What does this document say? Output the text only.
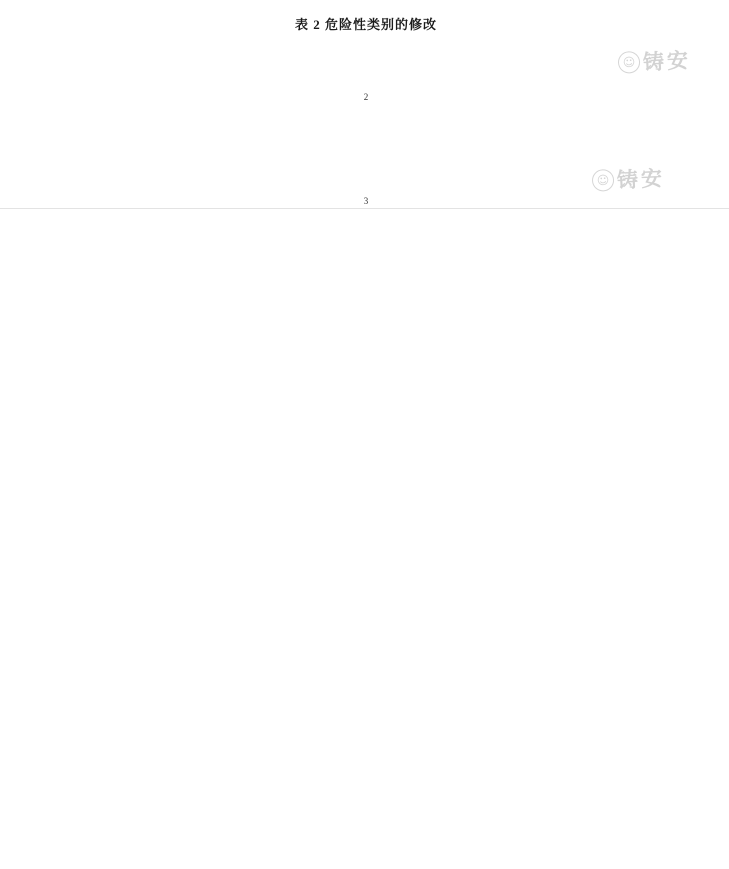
表 2 危险性类别的修改
☺ 铸安
2
☺ 铸安
3
